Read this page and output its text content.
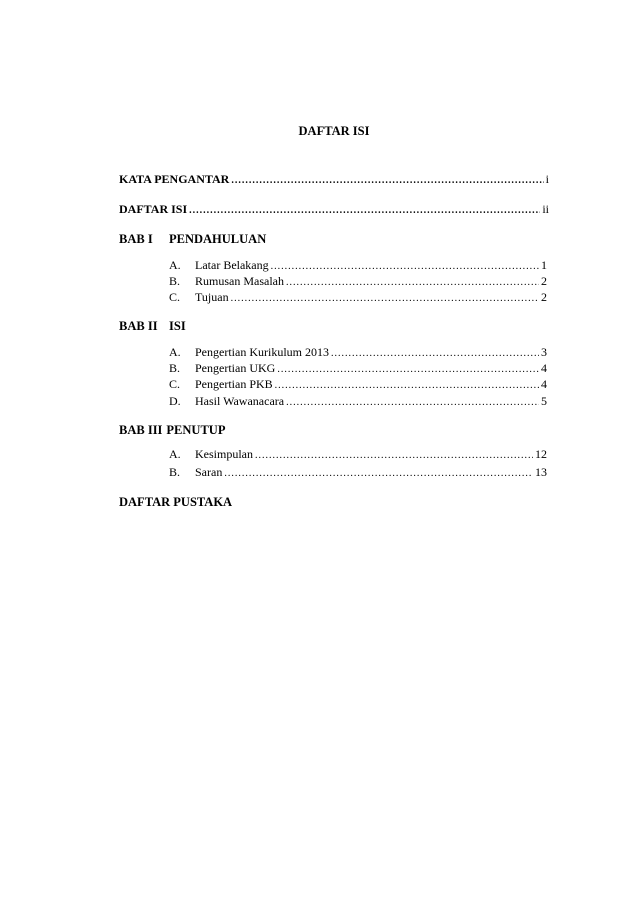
DAFTAR ISI
KATA PENGANTAR .....	i
DAFTAR ISI .....	ii
BAB I PENDAHULUAN
A. Latar Belakang .....	1
B. Rumusan Masalah .....	2
C. Tujuan .....	2
BAB II ISI
A. Pengertian Kurikulum 2013 .....	3
B. Pengertian UKG .....	4
C. Pengertian PKB .....	4
D. Hasil Wawanacara .....	5
BAB III PENUTUP
A. Kesimpulan .....	12
B. Saran .....	13
DAFTAR PUSTAKA
